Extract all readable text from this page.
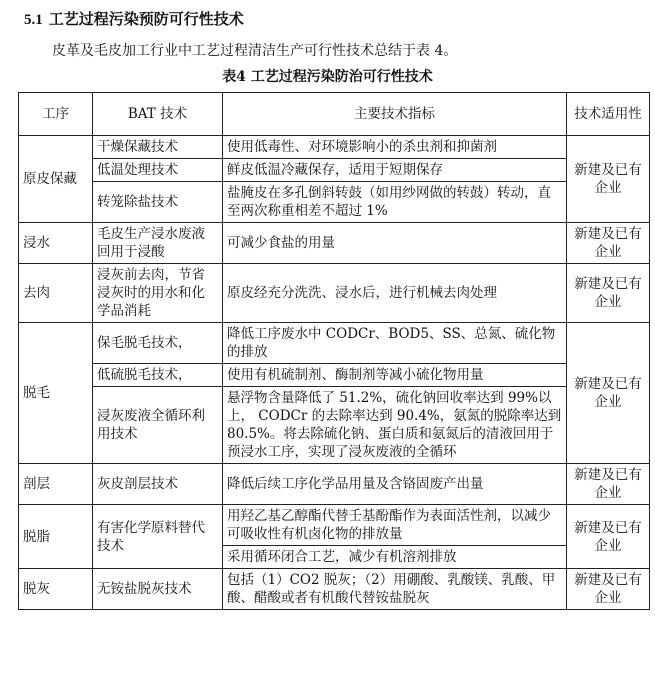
5.1 工艺过程污染预防可行性技术
皮革及毛皮加工行业中工艺过程清洁生产可行性技术总结于表 4。
表4 工艺过程污染防治可行性技术
工序	BAT 技术	主要技术指标	技术适用性
原皮保藏	干燥保藏技术	使用低毒性、对环境影响小的杀虫剂和抑菌剂	新建及已有企业
	低温处理技术	鲜皮低温冷藏保存，适用于短期保存	
	转笼除盐技术	盐腌皮在多孔倒斜转鼓（如用纱网做的转鼓）转动，直至两次称重相差不超过 1%	
浸水	毛皮生产浸水废液回用于浸酸	可减少食盐的用量	新建及已有企业
去肉	浸灰前去肉，节省浸灰时的用水和化学品消耗	原皮经充分洗洗、浸水后，进行机械去肉处理	新建及已有企业
脱毛	保毛脱毛技术，	降低工序废水中 CODCr、BOD5、SS、总氮、硫化物的排放	新建及已有企业
	低硫脱毛技术，	使用有机硫制剂、酶制剂等减小硫化物用量	
	浸灰废液全循环利用技术	悬浮物含量降低了 51.2%，硫化钠回收率达到 99%以上， CODCr 的去除率达到 90.4%，氨氮的脱除率达到 80.5%。将去除硫化钠、蛋白质和氨氮后的清液回用于预浸水工序，实现了浸灰废液的全循环	
剖层	灰皮剖层技术	降低后续工序化学品用量及含铬固废产出量	新建及已有企业
脱脂	有害化学原料替代技术	用羟乙基乙醇酯代替壬基酚酯作为表面活性剂，以减少可吸收性有机卤化物的排放量	新建及已有企业
		采用循环闭合工艺，减少有机溶剂排放	
脱灰	无铵盐脱灰技术	包括（1）CO2 脱灰；（2）用硼酸、乳酸镁、乳酸、甲酸、醋酸或者有机酸代替铵盐脱灰	新建及已有企业
